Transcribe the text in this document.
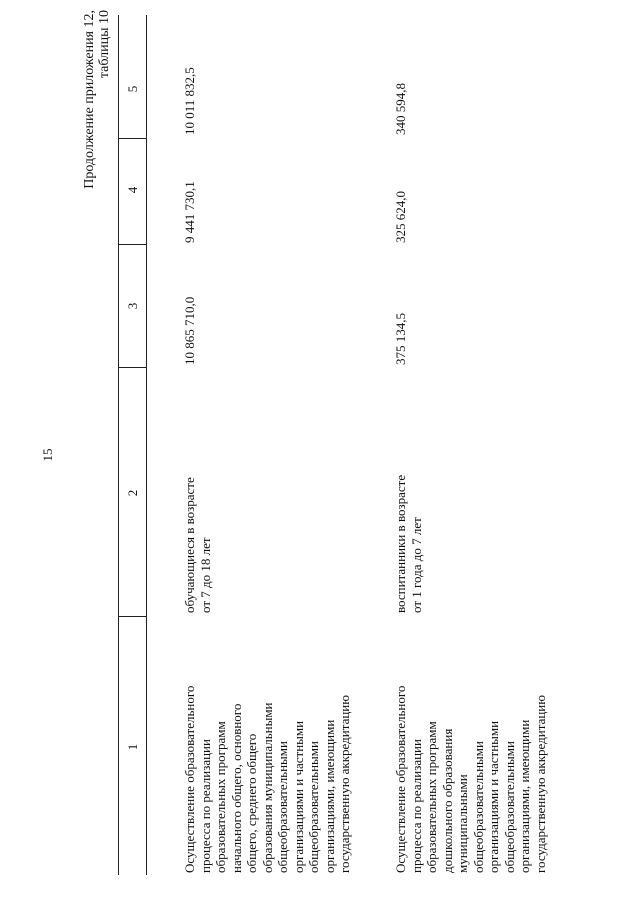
15
Продолжение приложения 12, таблицы 10
1
2
3
4
5
Осуществление образовательного процесса по реализации образовательных программ начального общего, основного общего, среднего общего образования муниципальными общеобразовательными организациями и частными общеобразовательными организациями, имеющими государственную аккредитацию
обучающиеся в возрасте от 7 до 18 лет
10 865 710,0
9 441 730,1
10 011 832,5
Осуществление образовательного процесса по реализации образовательных программ дошкольного образования муниципальными общеобразовательными организациями и частными общеобразовательными организациями, имеющими государственную аккредитацию
воспитанники в возрасте от 1 года до 7 лет
375 134,5
325 624,0
340 594,8
